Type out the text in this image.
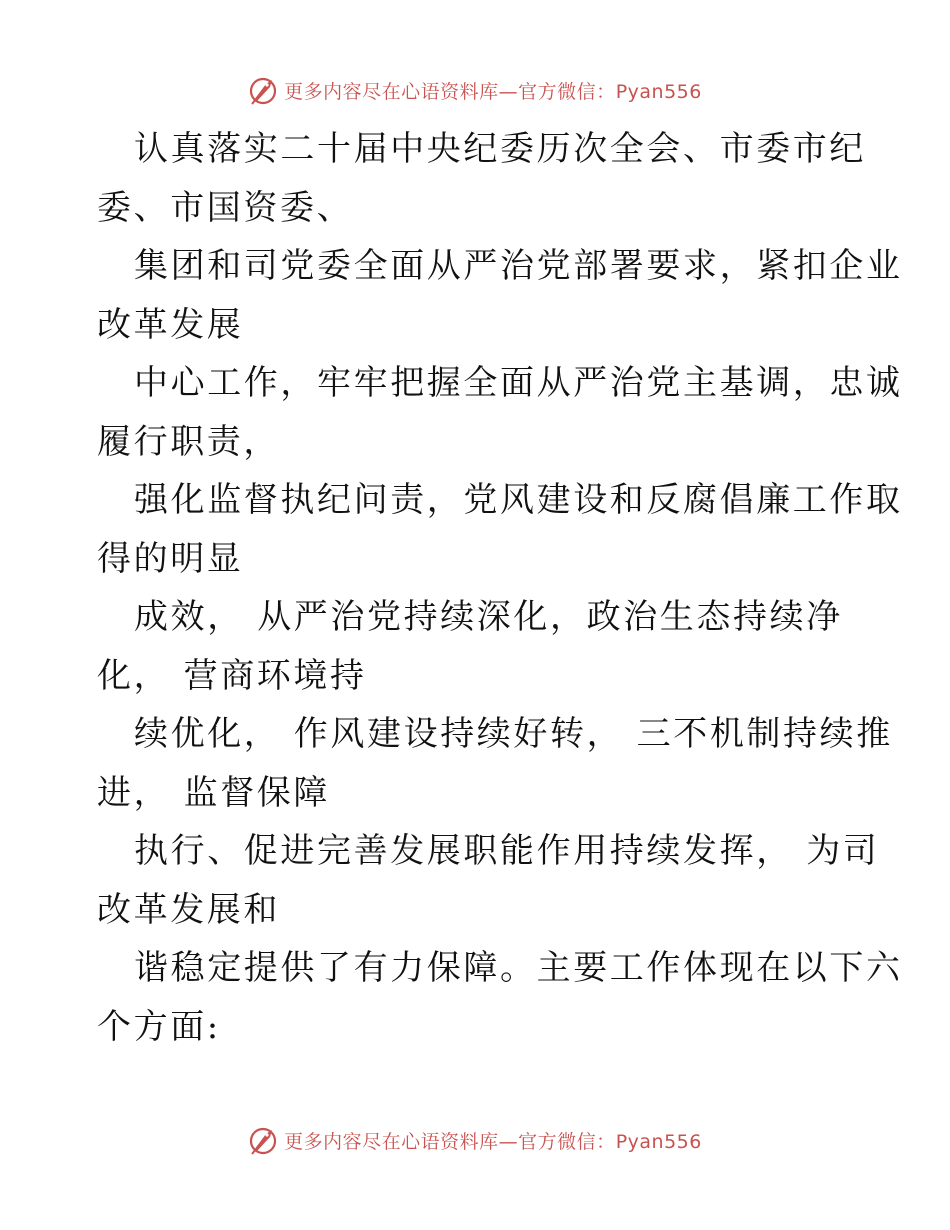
更多内容尽在心语资料库—官方微信：Pyan556
认真落实二十届中央纪委历次全会、市委市纪
委、市国资委、
集团和司党委全面从严治党部署要求，紧扣企业
改革发展
中心工作，牢牢把握全面从严治党主基调，忠诚
履行职责，
强化监督执纪问责，党风建设和反腐倡廉工作取
得的明显
成效， 从严治党持续深化，政治生态持续净
化， 营商环境持
续优化， 作风建设持续好转， 三不机制持续推
进， 监督保障
执行、促进完善发展职能作用持续发挥， 为司
改革发展和
谐稳定提供了有力保障。主要工作体现在以下六
个方面:
更多内容尽在心语资料库—官方微信：Pyan556
